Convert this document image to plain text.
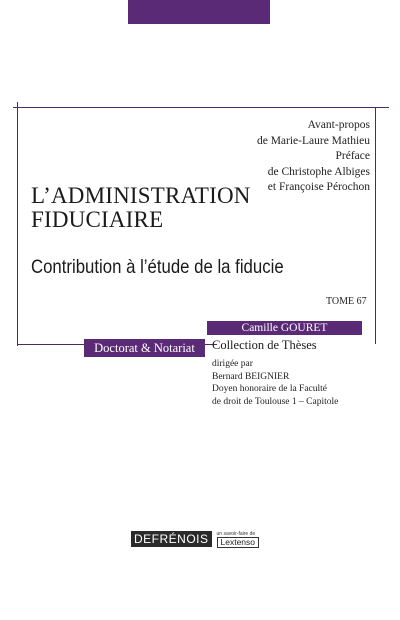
Avant-propos
de Marie-Laure Mathieu
Préface
de Christophe Albiges
et Françoise Pérochon
L’ADMINISTRATION
FIDUCIAIRE
Contribution à l’étude de la fiducie
TOME 67
Camille GOURET
Doctorat & Notariat	Collection de Thèses
dirigée par
Bernard BEIGNIER
Doyen honoraire de la Faculté
de droit de Toulouse 1 – Capitole
DEFRÉNOIS	un savoir-faire de
Lextenso
